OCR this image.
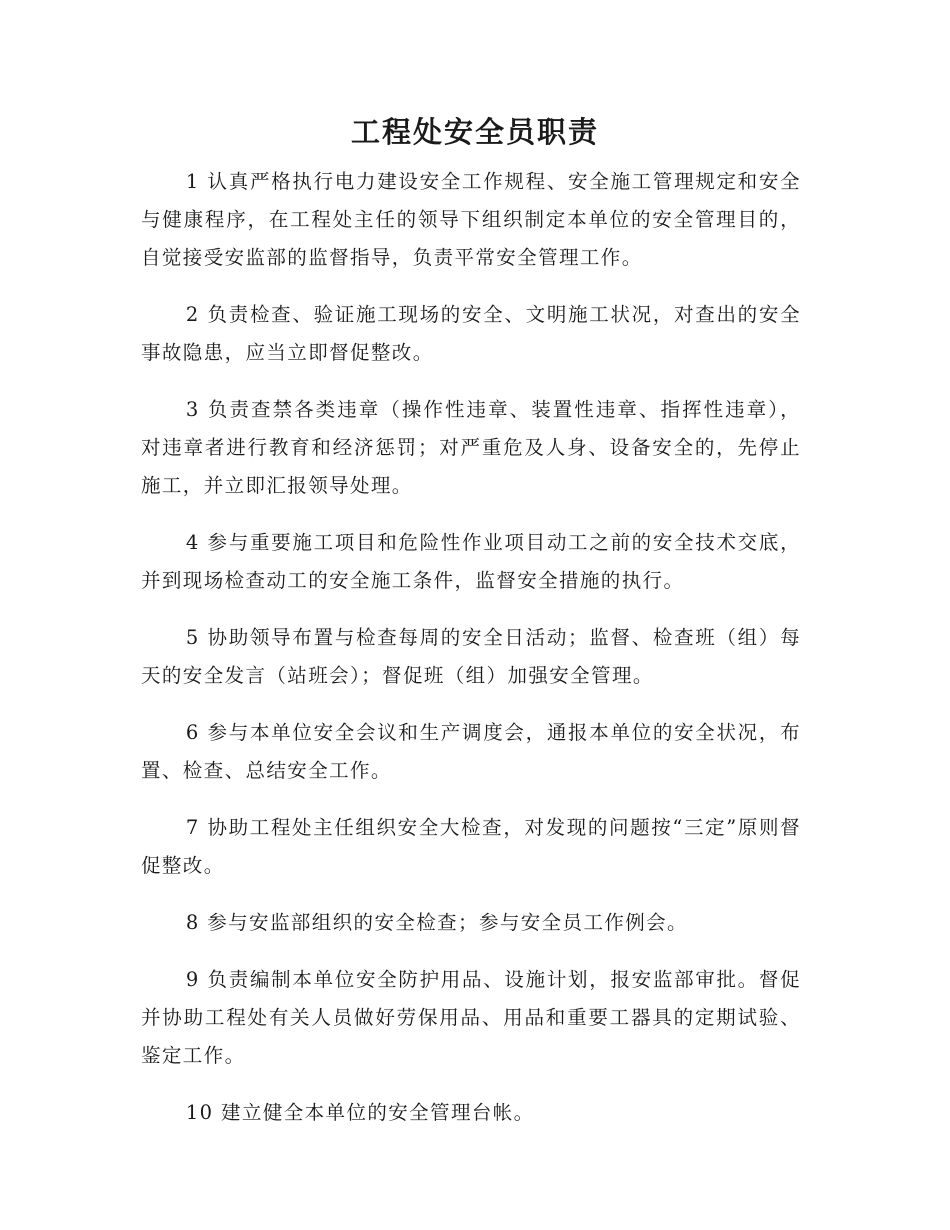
工程处安全员职责

1 认真严格执行电力建设安全工作规程、安全施工管理规定和安全与健康程序，在工程处主任的领导下组织制定本单位的安全管理目的，自觉接受安监部的监督指导，负责平常安全管理工作。

2 负责检查、验证施工现场的安全、文明施工状况，对查出的安全事故隐患，应当立即督促整改。

3 负责查禁各类违章（操作性违章、装置性违章、指挥性违章），对违章者进行教育和经济惩罚；对严重危及人身、设备安全的，先停止施工，并立即汇报领导处理。

4 参与重要施工项目和危险性作业项目动工之前的安全技术交底，并到现场检查动工的安全施工条件，监督安全措施的执行。

5 协助领导布置与检查每周的安全日活动；监督、检查班（组）每天的安全发言（站班会）；督促班（组）加强安全管理。

6 参与本单位安全会议和生产调度会，通报本单位的安全状况，布置、检查、总结安全工作。

7 协助工程处主任组织安全大检查，对发现的问题按“三定”原则督促整改。

8 参与安监部组织的安全检查；参与安全员工作例会。

9 负责编制本单位安全防护用品、设施计划，报安监部审批。督促并协助工程处有关人员做好劳保用品、用品和重要工器具的定期试验、鉴定工作。

10 建立健全本单位的安全管理台帐。
